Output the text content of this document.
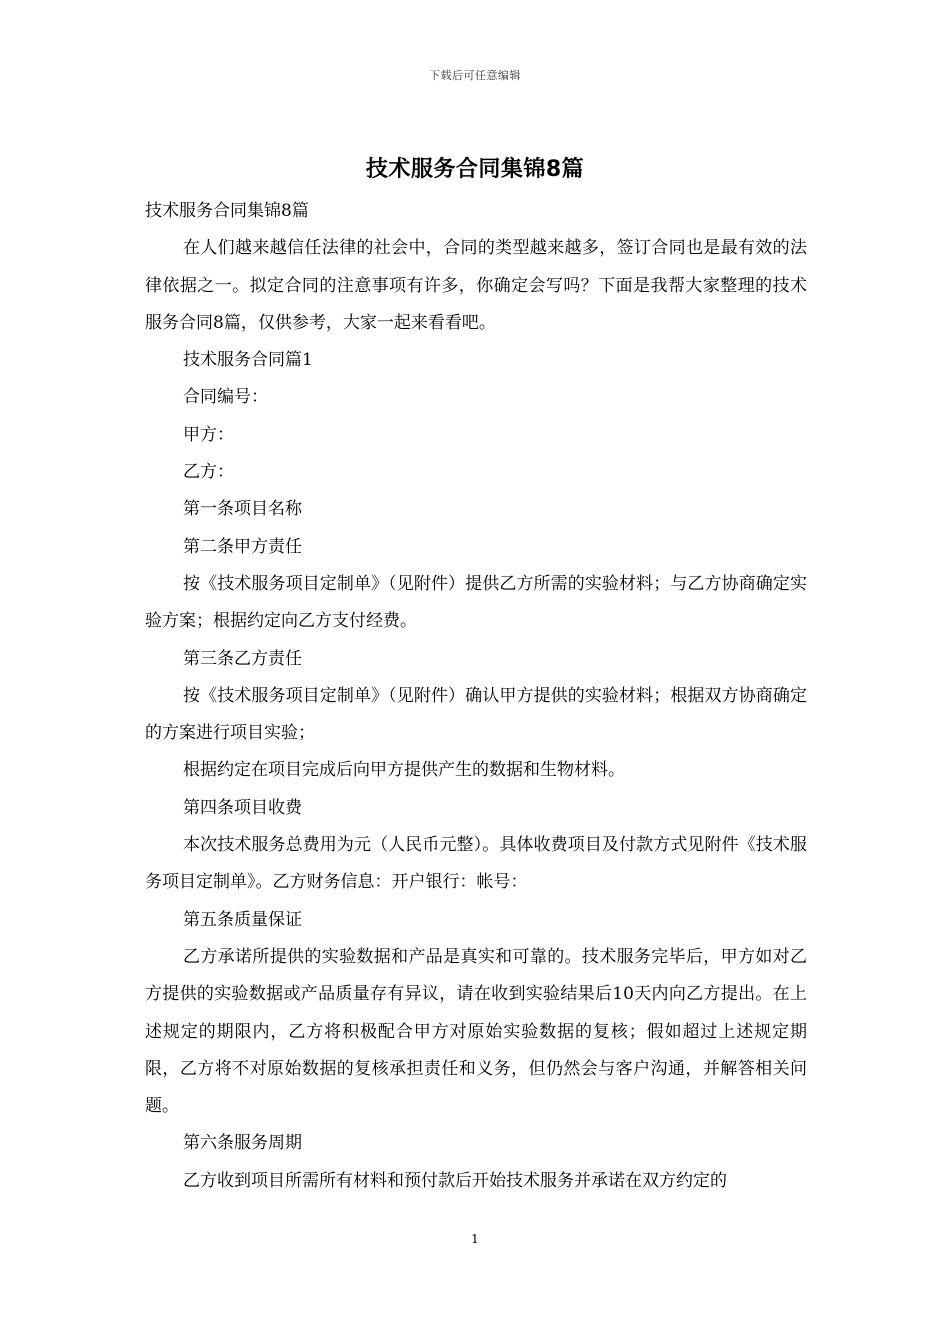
下载后可任意编辑
技术服务合同集锦8篇

技术服务合同集锦8篇

在人们越来越信任法律的社会中，合同的类型越来越多，签订合同也是最有效的法律依据之一。拟定合同的注意事项有许多，你确定会写吗？下面是我帮大家整理的技术服务合同8篇，仅供参考，大家一起来看看吧。

技术服务合同篇1

合同编号：

甲方：

乙方：

第一条项目名称

第二条甲方责任

按《技术服务项目定制单》（见附件）提供乙方所需的实验材料；与乙方协商确定实验方案；根据约定向乙方支付经费。

第三条乙方责任

按《技术服务项目定制单》（见附件）确认甲方提供的实验材料；根据双方协商确定的方案进行项目实验；

根据约定在项目完成后向甲方提供产生的数据和生物材料。

第四条项目收费

本次技术服务总费用为元（人民币元整）。具体收费项目及付款方式见附件《技术服务项目定制单》。乙方财务信息：开户银行：帐号：

第五条质量保证

乙方承诺所提供的实验数据和产品是真实和可靠的。技术服务完毕后，甲方如对乙方提供的实验数据或产品质量存有异议，请在收到实验结果后10天内向乙方提出。在上述规定的期限内，乙方将积极配合甲方对原始实验数据的复核；假如超过上述规定期限，乙方将不对原始数据的复核承担责任和义务，但仍然会与客户沟通，并解答相关问题。

第六条服务周期

乙方收到项目所需所有材料和预付款后开始技术服务并承诺在双方约定的

1
